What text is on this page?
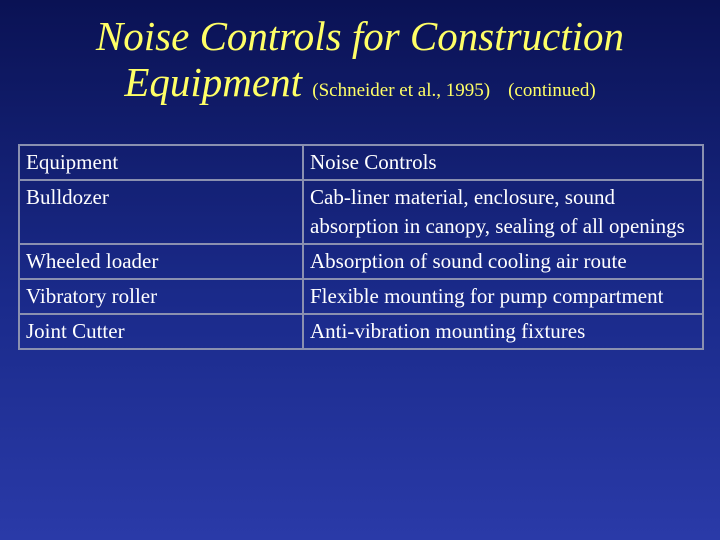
Noise Controls for Construction
Equipment (Schneider et al., 1995) (continued)
Equipment	Noise Controls
Bulldozer	Cab-liner material, enclosure, sound absorption in canopy, sealing of all openings
Wheeled loader	Absorption of sound cooling air route
Vibratory roller	Flexible mounting for pump compartment
Joint Cutter	Anti-vibration mounting fixtures
